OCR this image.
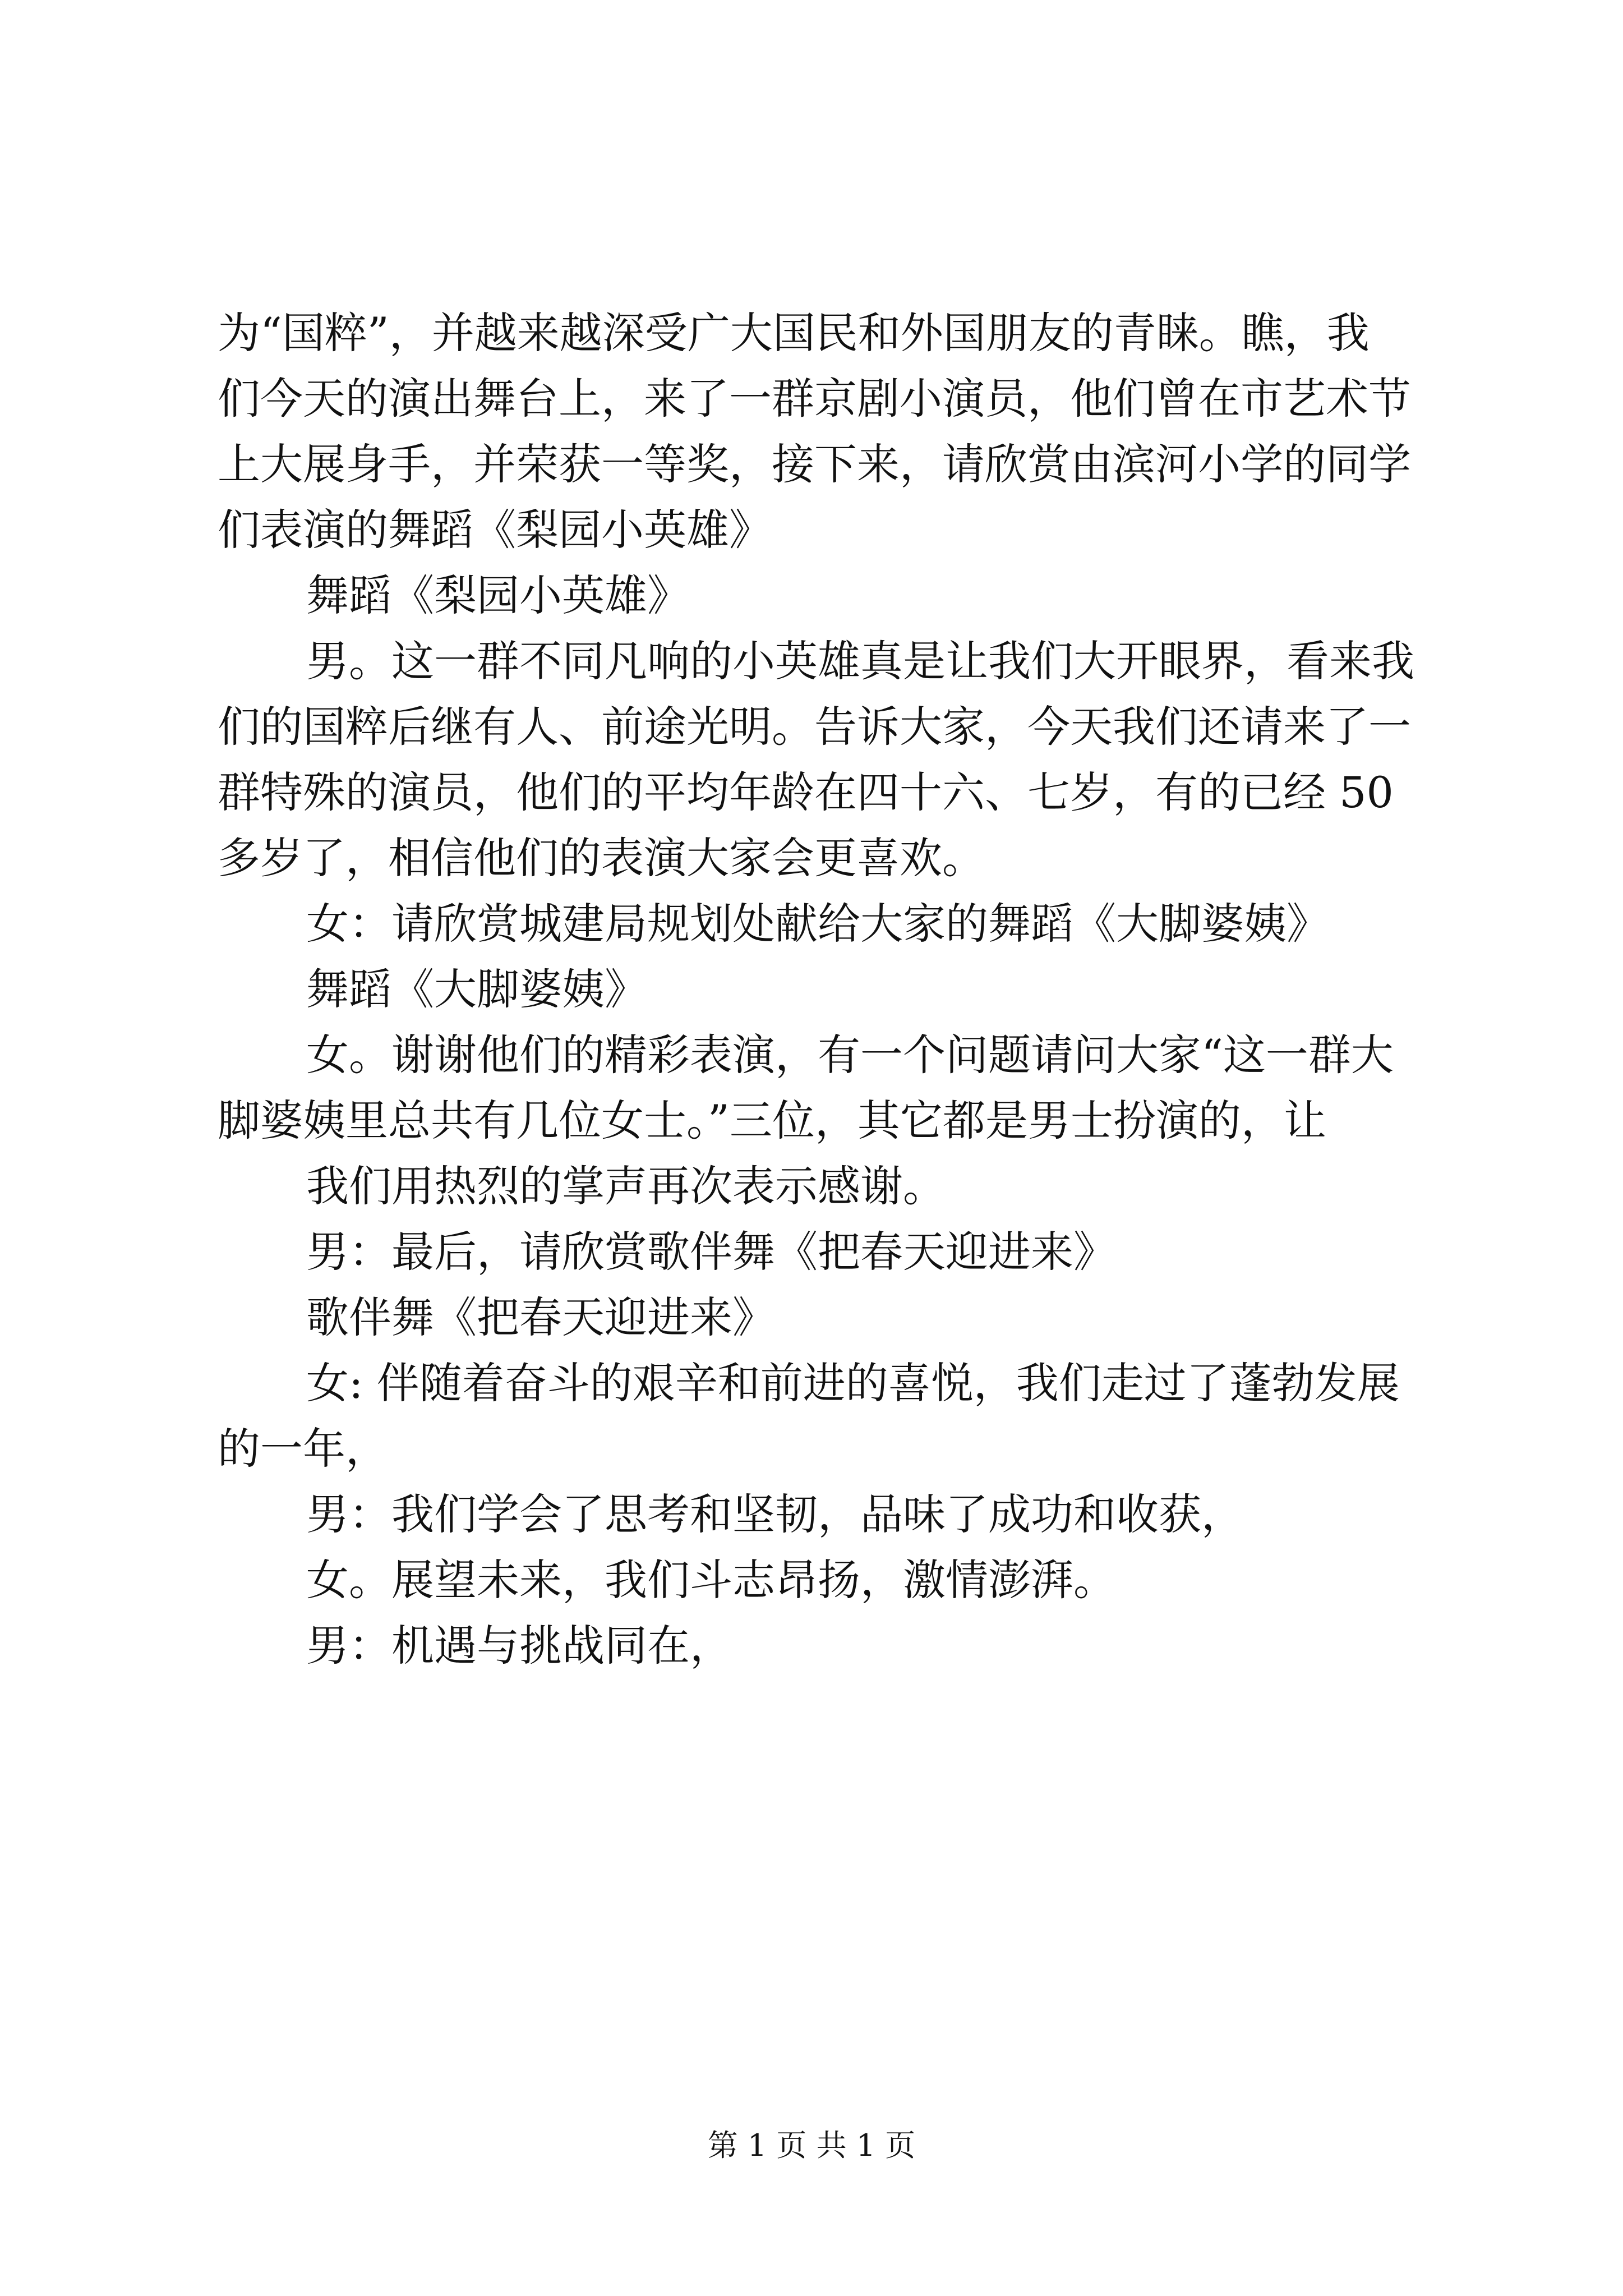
为“国粹”，并越来越深受广大国民和外国朋友的青睐。瞧，我
们今天的演出舞台上，来了一群京剧小演员，他们曾在市艺术节
上大展身手，并荣获一等奖，接下来，请欣赏由滨河小学的同学
们表演的舞蹈《梨园小英雄》
舞蹈《梨园小英雄》
男。这一群不同凡响的小英雄真是让我们大开眼界，看来我
们的国粹后继有人、前途光明。告诉大家，今天我们还请来了一
群特殊的演员，他们的平均年龄在四十六、七岁，有的已经 50
多岁了，相信他们的表演大家会更喜欢。
女：请欣赏城建局规划处献给大家的舞蹈《大脚婆姨》
舞蹈《大脚婆姨》
女。谢谢他们的精彩表演，有一个问题请问大家“这一群大
脚婆姨里总共有几位女士。”三位，其它都是男士扮演的，让
我们用热烈的掌声再次表示感谢。
男：最后，请欣赏歌伴舞《把春天迎进来》
歌伴舞《把春天迎进来》
女: 伴随着奋斗的艰辛和前进的喜悦，我们走过了蓬勃发展
的一年，
男：我们学会了思考和坚韧，品味了成功和收获，
女。展望未来，我们斗志昂扬，激情澎湃。
男：机遇与挑战同在，
第 1 页 共 1 页
